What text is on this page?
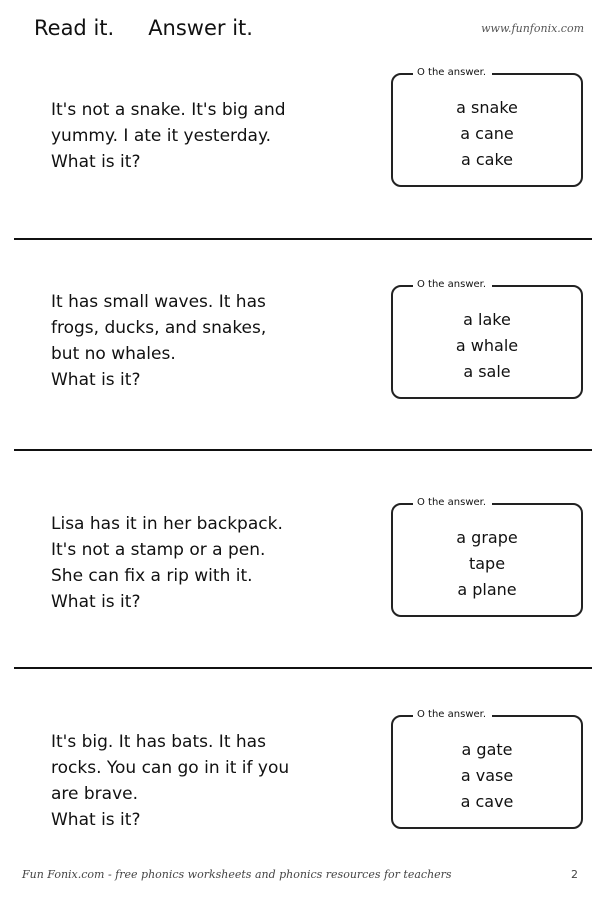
Read it. Answer it.	www.funfonix.com
It's not a snake. It's big and
yummy. I ate it yesterday.
What is it?
O the answer.
a snake
a cane
a cake
It has small waves. It has
frogs, ducks, and snakes,
but no whales.
What is it?
O the answer.
a lake
a whale
a sale
Lisa has it in her backpack.
It's not a stamp or a pen.
She can fix a rip with it.
What is it?
O the answer.
a grape
tape
a plane
It's big. It has bats. It has
rocks. You can go in it if you
are brave.
What is it?
O the answer.
a gate
a vase
a cave
Fun Fonix.com - free phonics worksheets and phonics resources for teachers	2
